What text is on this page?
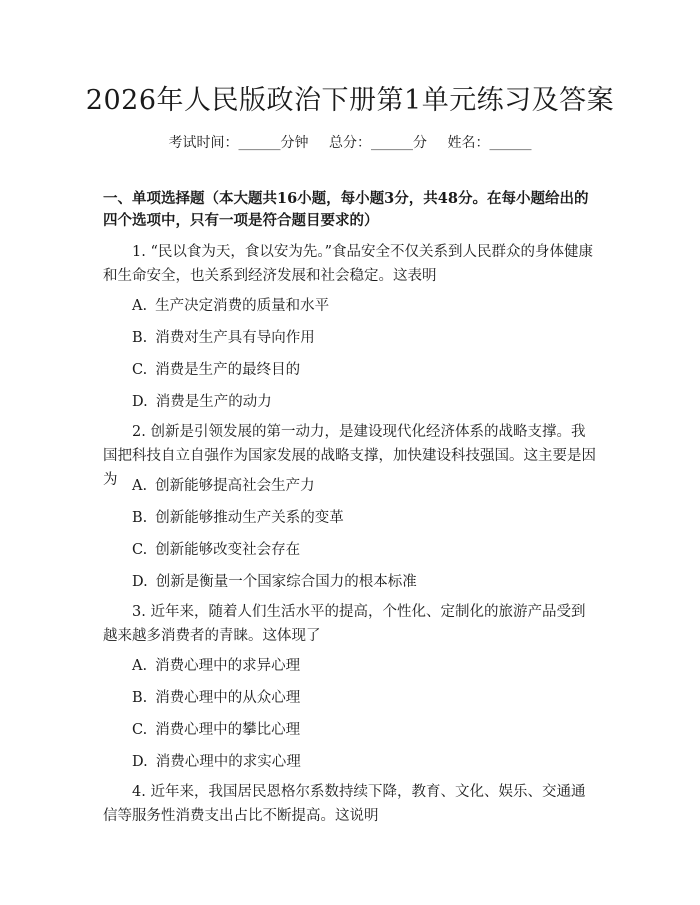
2026年人民版政治下册第1单元练习及答案
考试时间：______分钟 总分：______分 姓名：______
一、单项选择题（本大题共16小题，每小题3分，共48分。在每小题给出的四个选项中，只有一项是符合题目要求的）
1. “民以食为天，食以安为先。”食品安全不仅关系到人民群众的身体健康和生命安全，也关系到经济发展和社会稳定。这表明
A. 生产决定消费的质量和水平
B. 消费对生产具有导向作用
C. 消费是生产的最终目的
D. 消费是生产的动力
2. 创新是引领发展的第一动力，是建设现代化经济体系的战略支撑。我国把科技自立自强作为国家发展的战略支撑，加快建设科技强国。这主要是因为	A. 创新能够提高社会生产力
B. 创新能够推动生产关系的变革
C. 创新能够改变社会存在
D. 创新是衡量一个国家综合国力的根本标准
3. 近年来，随着人们生活水平的提高，个性化、定制化的旅游产品受到越来越多消费者的青睐。这体现了
A. 消费心理中的求异心理
B. 消费心理中的从众心理
C. 消费心理中的攀比心理
D. 消费心理中的求实心理
4. 近年来，我国居民恩格尔系数持续下降，教育、文化、娱乐、交通通信等服务性消费支出占比不断提高。这说明
